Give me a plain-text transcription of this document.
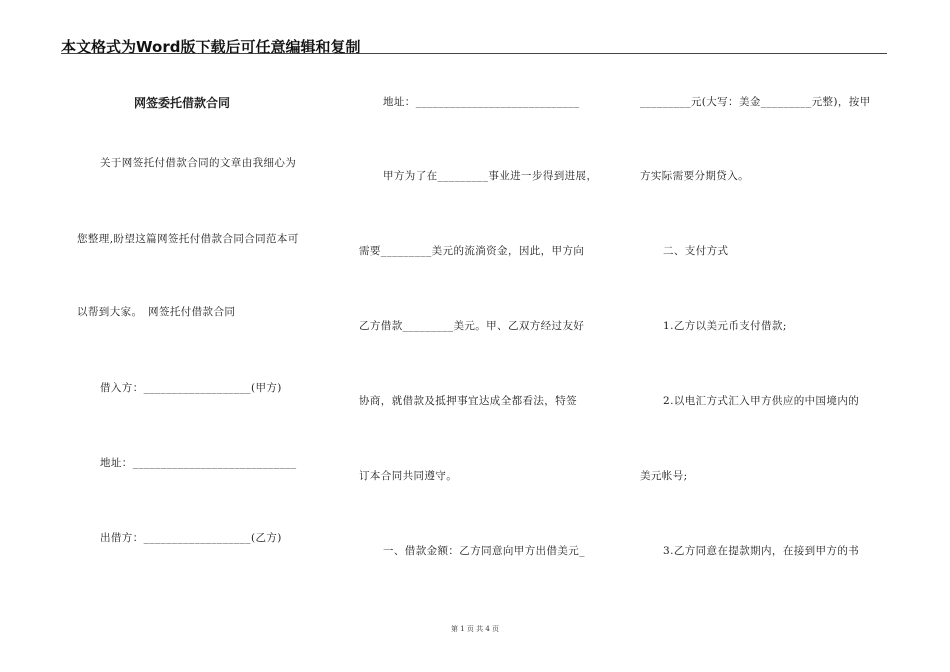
本文格式为Word版下载后可任意编辑和复制
网签委托借款合同
关于网签托付借款合同的文章由我细心为
您整理,盼望这篇网签托付借款合同合同范本可
以帮到大家。　网签托付借款合同
借入方：___________________(甲方)
地址：_____________________________
出借方：___________________(乙方)
地址：_____________________________
甲方为了在_________事业进一步得到进展，
需要_________美元的流淌资金，因此，甲方向
乙方借款_________美元。甲、乙双方经过友好
协商，就借款及抵押事宜达成全都看法，特签
订本合同共同遵守。
一、借款金额：乙方同意向甲方出借美元_
_________元(大写：美金_________元整)，按甲
方实际需要分期贷入。
二、支付方式
1.乙方以美元币支付借款;
2.以电汇方式汇入甲方供应的中国境内的
美元帐号;
3.乙方同意在提款期内，在接到甲方的书
第 1 页 共 4 页
